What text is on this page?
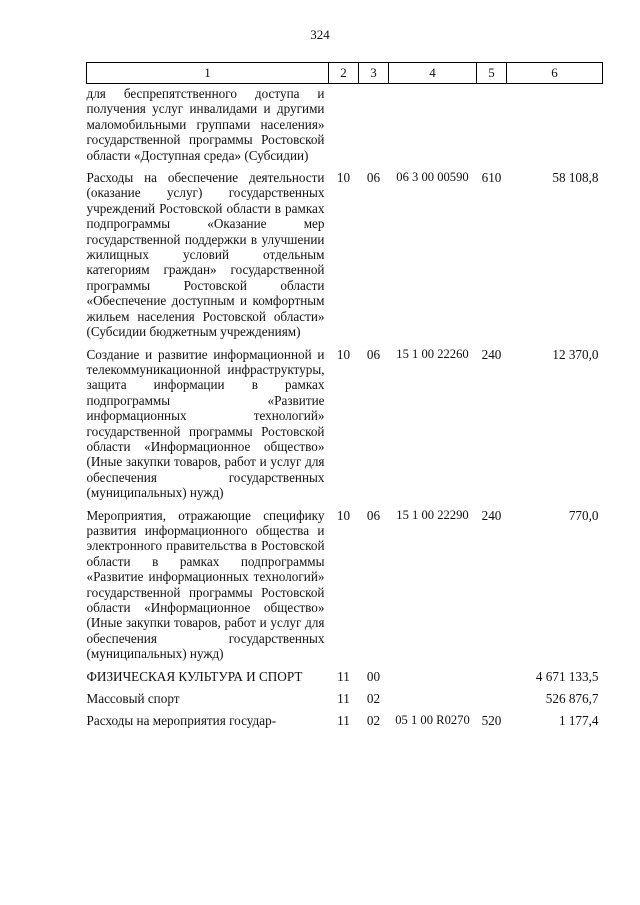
324
1	2	3	4	5	6
для беспрепятственного доступа и получения услуг инвалидами и другими маломобильными группами населения» государственной программы Ростовской области «Доступная среда» (Субсидии)					
Расходы на обеспечение деятельности (оказание услуг) государственных учреждений Ростовской области в рамках подпрограммы «Оказание мер государственной поддержки в улучшении жилищных условий отдельным категориям граждан» государственной программы Ростовской области «Обеспечение доступным и комфортным жильем населения Ростовской области» (Субсидии бюджетным учреждениям)	10	06	06 3 00 00590	610	58 108,8
Создание и развитие информационной и телекоммуникационной инфраструктуры, защита информации в рамках подпрограммы «Развитие информационных технологий» государственной программы Ростовской области «Информационное общество» (Иные закупки товаров, работ и услуг для обеспечения государственных (муниципальных) нужд)	10	06	15 1 00 22260	240	12 370,0
Мероприятия, отражающие специфику развития информационного общества и электронного правительства в Ростовской области в рамках подпрограммы «Развитие информационных технологий» государственной программы Ростовской области «Информационное общество» (Иные закупки товаров, работ и услуг для обеспечения государственных (муниципальных) нужд)	10	06	15 1 00 22290	240	770,0
ФИЗИЧЕСКАЯ КУЛЬТУРА И СПОРТ	11	00			4 671 133,5
Массовый спорт	11	02			526 876,7
Расходы на мероприятия государ-	11	02	05 1 00 R0270	520	1 177,4
